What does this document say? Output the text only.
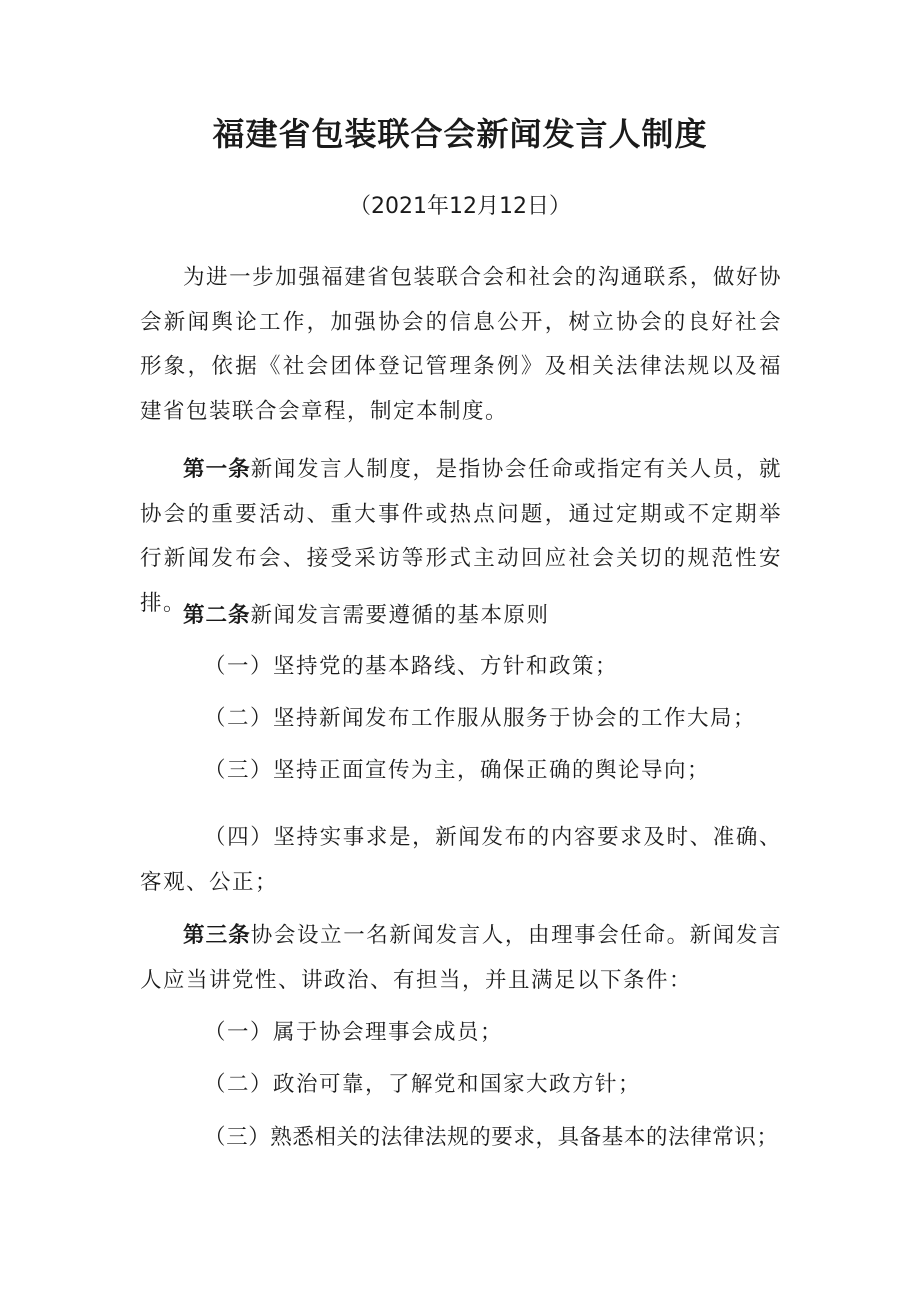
福建省包装联合会新闻发言人制度

（2021年12月12日）

为进一步加强福建省包装联合会和社会的沟通联系，做好协会新闻舆论工作，加强协会的信息公开，树立协会的良好社会形象，依据《社会团体登记管理条例》及相关法律法规以及福建省包装联合会章程，制定本制度。

第一条新闻发言人制度，是指协会任命或指定有关人员，就协会的重要活动、重大事件或热点问题，通过定期或不定期举行新闻发布会、接受采访等形式主动回应社会关切的规范性安排。

第二条新闻发言需要遵循的基本原则

（一）坚持党的基本路线、方针和政策；

（二）坚持新闻发布工作服从服务于协会的工作大局；

（三）坚持正面宣传为主，确保正确的舆论导向；

（四）坚持实事求是，新闻发布的内容要求及时、准确、客观、公正；

第三条协会设立一名新闻发言人，由理事会任命。新闻发言人应当讲党性、讲政治、有担当，并且满足以下条件：

（一）属于协会理事会成员；

（二）政治可靠，了解党和国家大政方针；

（三）熟悉相关的法律法规的要求，具备基本的法律常识；
